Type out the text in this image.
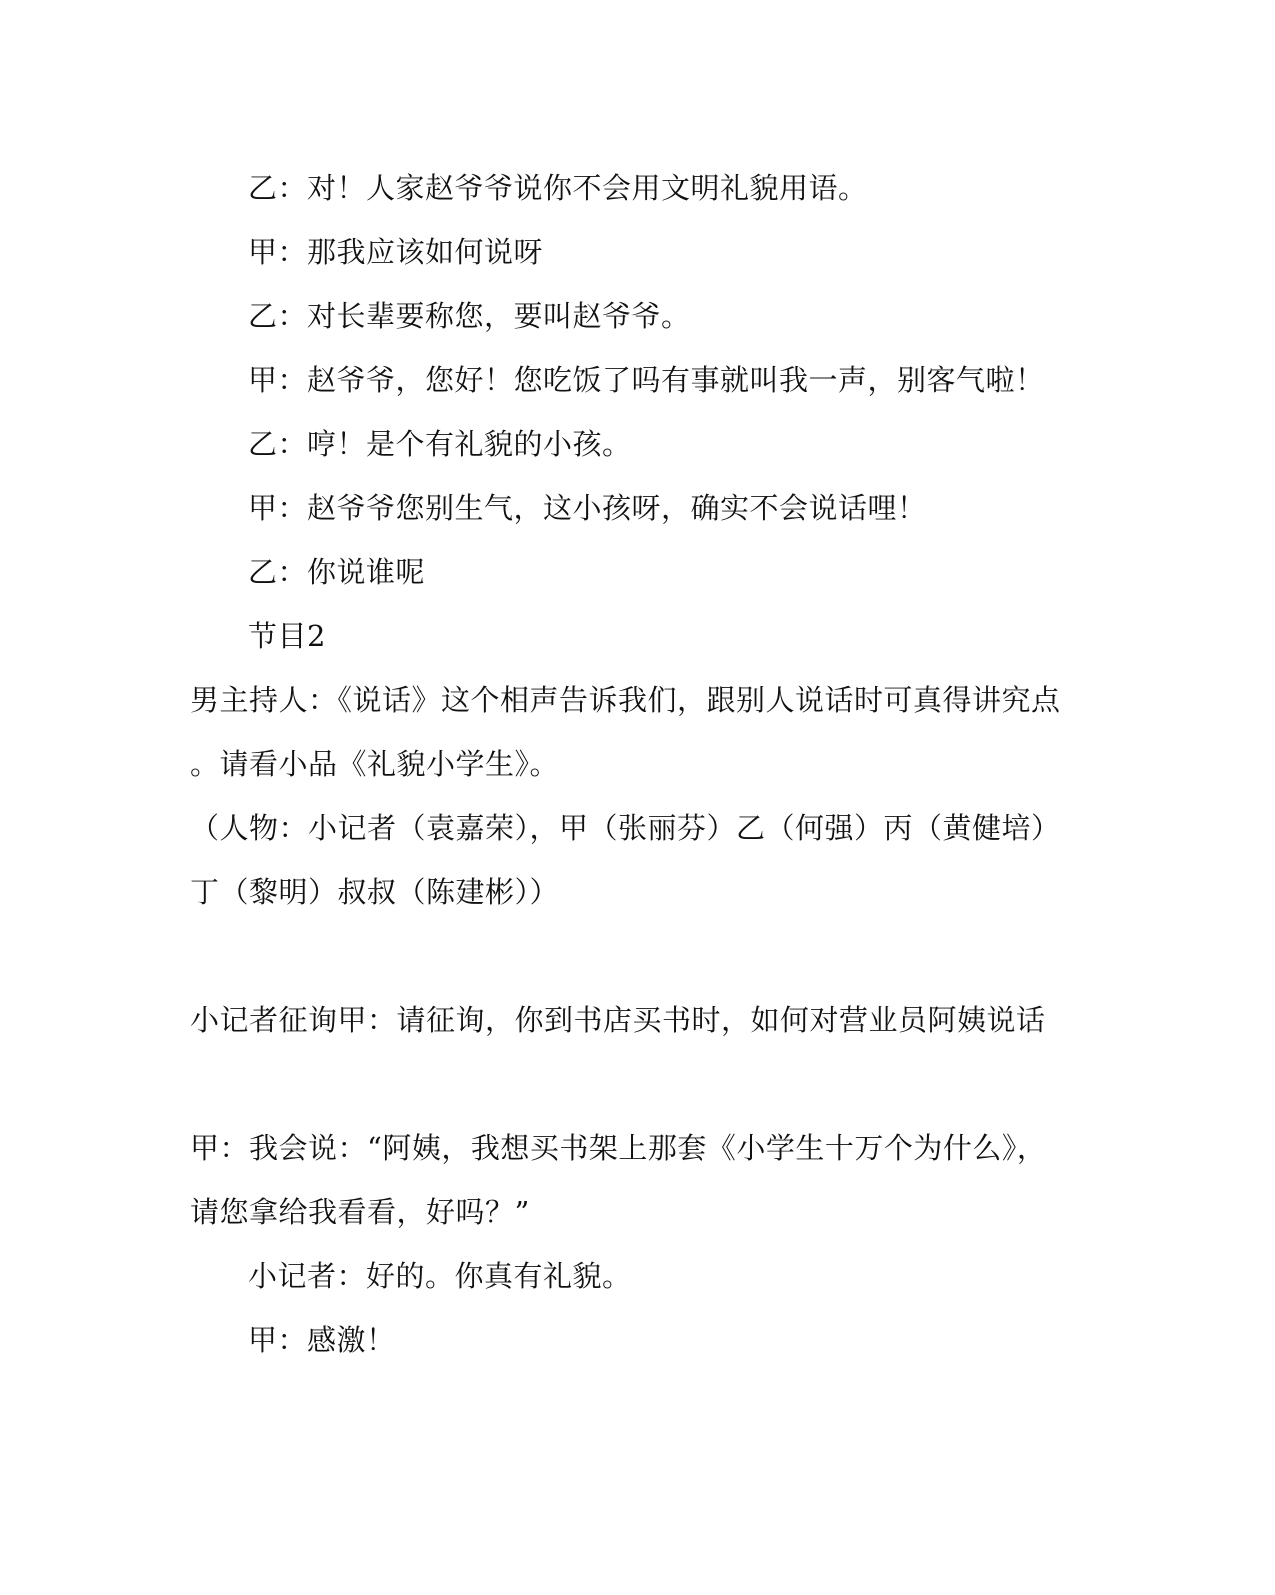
乙：对！人家赵爷爷说你不会用文明礼貌用语。
甲：那我应该如何说呀
乙：对长辈要称您，要叫赵爷爷。
甲：赵爷爷，您好！您吃饭了吗有事就叫我一声，别客气啦！
乙：哼！是个有礼貌的小孩。
甲：赵爷爷您别生气，这小孩呀，确实不会说话哩！
乙：你说谁呢
节目2
男主持人：《说话》这个相声告诉我们，跟别人说话时可真得讲究点
。请看小品《礼貌小学生》。
（人物：小记者（袁嘉荣），甲（张丽芬）乙（何强）丙（黄健培）
丁（黎明）叔叔（陈建彬））
小记者征询甲：请征询，你到书店买书时，如何对营业员阿姨说话
甲：我会说：“阿姨，我想买书架上那套《小学生十万个为什么》，
请您拿给我看看，好吗？”
小记者：好的。你真有礼貌。
甲：感激！
